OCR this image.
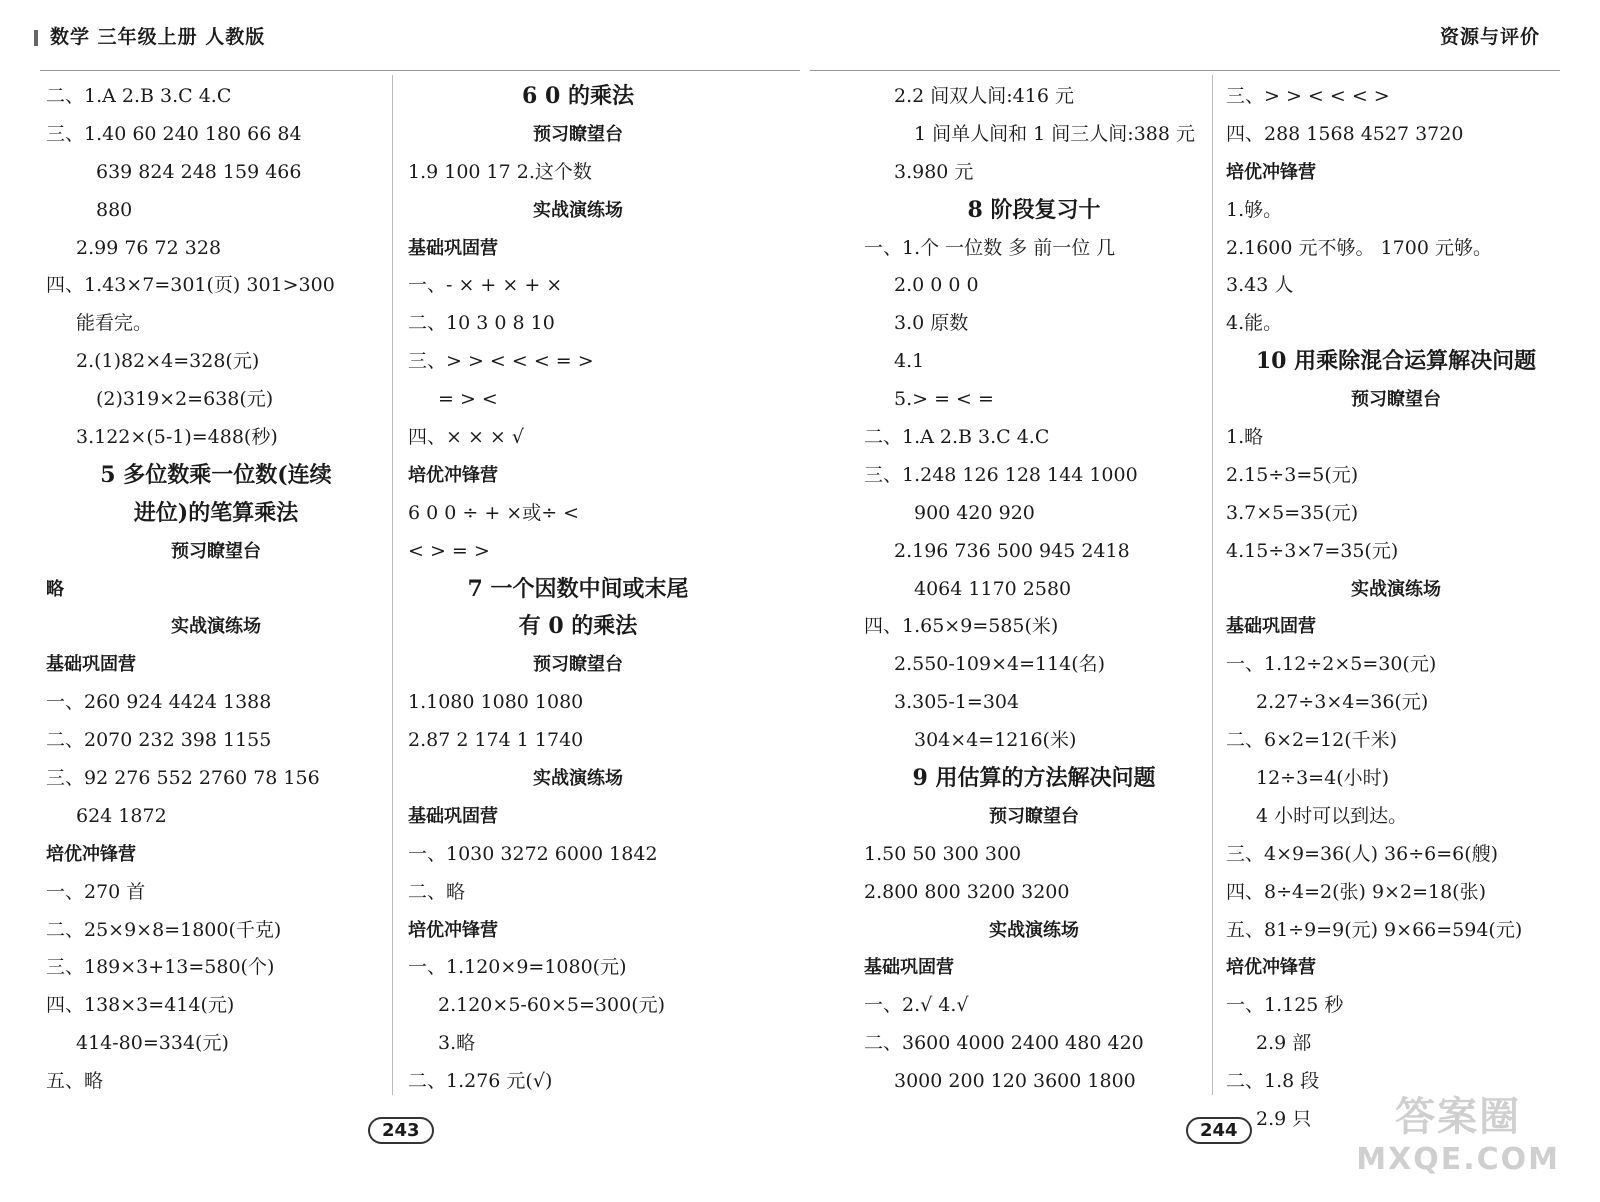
数学 三年级上册 人教版	资源与评价
二、1.A 2.B 3.C 4.C
三、1.40 60 240 180 66 84
639 824 248 159 466
880
2.99 76 72 328
四、1.43×7=301(页) 301>300
能看完。
2.(1)82×4=328(元)
(2)319×2=638(元)
3.122×(5-1)=488(秒)
5 多位数乘一位数(连续
进位)的笔算乘法
预习瞭望台
略
实战演练场
基础巩固营
一、260 924 4424 1388
二、2070 232 398 1155
三、92 276 552 2760 78 156
624 1872
培优冲锋营
一、270 首
二、25×9×8=1800(千克)
三、189×3+13=580(个)
四、138×3=414(元)
414-80=334(元)
五、略
6 0 的乘法
预习瞭望台
1.9 100 17 2.这个数
实战演练场
基础巩固营
一、- × + × + ×
二、10 3 0 8 10
三、> > < < < = >
= > <
四、× × × √
培优冲锋营
6 0 0 ÷ + ×或÷ <
< > = >
7 一个因数中间或末尾
有 0 的乘法
预习瞭望台
1.1080 1080 1080
2.87 2 174 1 1740
实战演练场
基础巩固营
一、1030 3272 6000 1842
二、略
培优冲锋营
一、1.120×9=1080(元)
2.120×5-60×5=300(元)
3.略
二、1.276 元(√)
2.2 间双人间:416 元
1 间单人间和 1 间三人间:388 元
3.980 元
8 阶段复习十
一、1.个 一位数 多 前一位 几
2.0 0 0 0
3.0 原数
4.1
5.> = < =
二、1.A 2.B 3.C 4.C
三、1.248 126 128 144 1000
900 420 920
2.196 736 500 945 2418
4064 1170 2580
四、1.65×9=585(米)
2.550-109×4=114(名)
3.305-1=304
304×4=1216(米)
9 用估算的方法解决问题
预习瞭望台
1.50 50 300 300
2.800 800 3200 3200
实战演练场
基础巩固营
一、2.√ 4.√
二、3600 4000 2400 480 420
3000 200 120 3600 1800
三、> > < < < >
四、288 1568 4527 3720
培优冲锋营
1.够。
2.1600 元不够。 1700 元够。
3.43 人
4.能。
10 用乘除混合运算解决问题
预习瞭望台
1.略
2.15÷3=5(元)
3.7×5=35(元)
4.15÷3×7=35(元)
实战演练场
基础巩固营
一、1.12÷2×5=30(元)
2.27÷3×4=36(元)
二、6×2=12(千米)
12÷3=4(小时)
4 小时可以到达。
三、4×9=36(人) 36÷6=6(艘)
四、8÷4=2(张) 9×2=18(张)
五、81÷9=9(元) 9×66=594(元)
培优冲锋营
一、1.125 秒
2.9 部
二、1.8 段
2.9 只
243	244	答案圈
MXQE.COM
